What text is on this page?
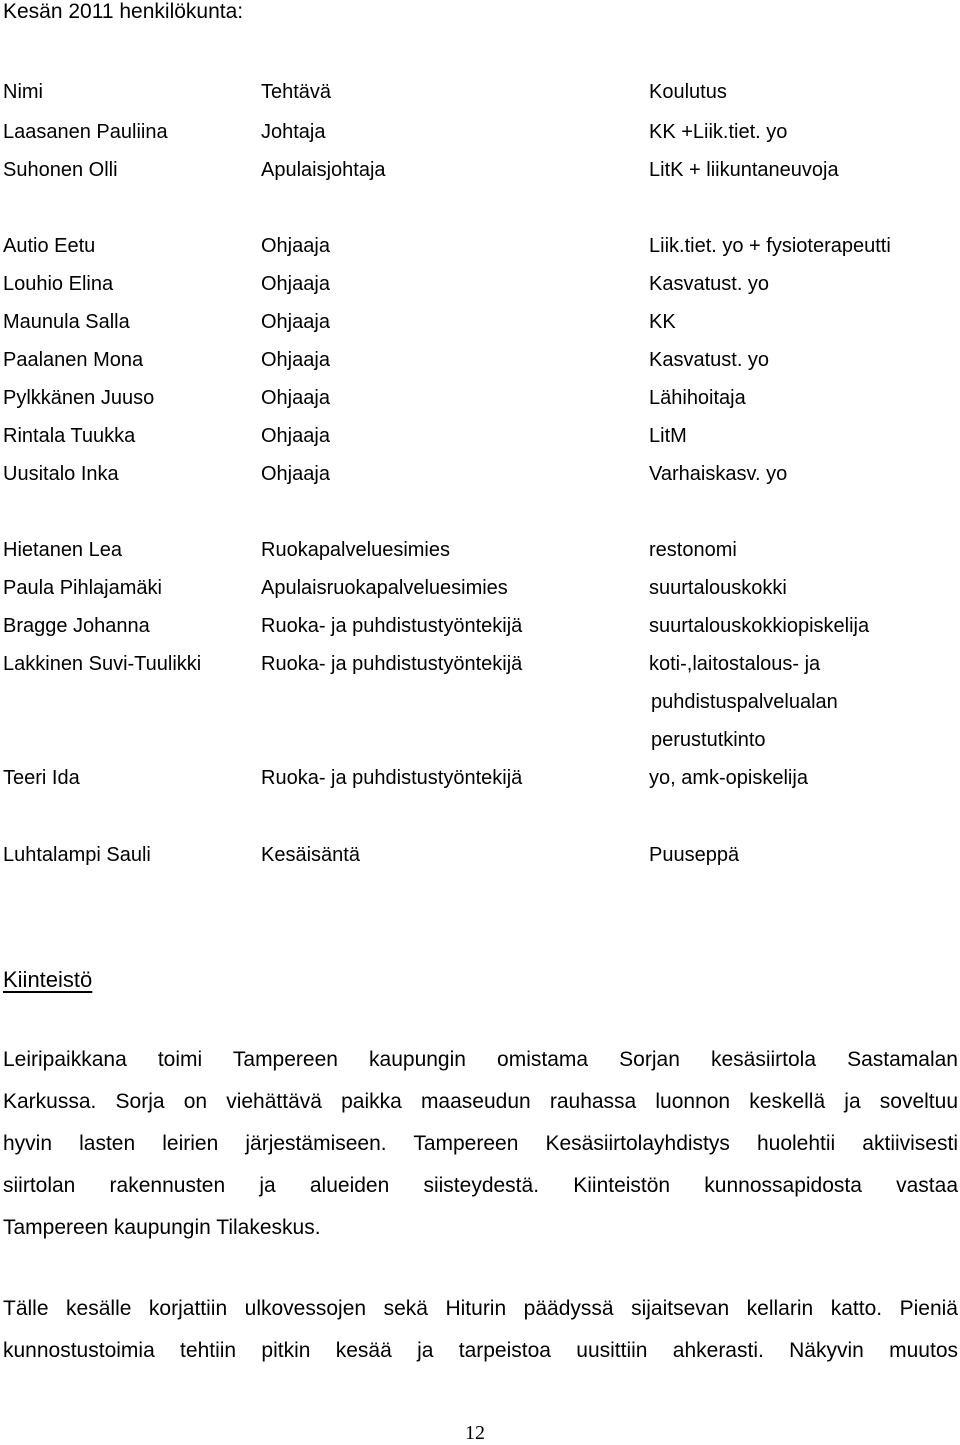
Kesän 2011 henkilökunta:
Nimi	Tehtävä	Koulutus
Laasanen Pauliina	Johtaja	KK +Liik.tiet. yo
Suhonen Olli	Apulaisjohtaja	LitK + liikuntaneuvoja
Autio Eetu	Ohjaaja	Liik.tiet. yo + fysioterapeutti
Louhio Elina	Ohjaaja	Kasvatust. yo
Maunula Salla	Ohjaaja	KK
Paalanen Mona	Ohjaaja	Kasvatust. yo
Pylkkänen Juuso	Ohjaaja	Lähihoitaja
Rintala Tuukka	Ohjaaja	LitM
Uusitalo Inka	Ohjaaja	Varhaiskasv. yo
Hietanen Lea	Ruokapalveluesimies	restonomi
Paula Pihlajamäki	Apulaisruokapalveluesimies	suurtalouskokki
Bragge Johanna	Ruoka- ja puhdistustyöntekijä	suurtalouskokkiopiskelija
Lakkinen Suvi-Tuulikki	Ruoka- ja puhdistustyöntekijä	koti-,laitostalous- ja
puhdistuspalvelualan
perustutkinto
Teeri Ida	Ruoka- ja puhdistustyöntekijä	yo, amk-opiskelija
Luhtalampi Sauli	Kesäisäntä	Puuseppä
Kiinteistö
Leiripaikkana toimi Tampereen kaupungin omistama Sorjan kesäsiirtola Sastamalan
Karkussa. Sorja on viehättävä paikka maaseudun rauhassa luonnon keskellä ja soveltuu
hyvin lasten leirien järjestämiseen. Tampereen Kesäsiirtolayhdistys huolehtii aktiivisesti
siirtolan rakennusten ja alueiden siisteydestä. Kiinteistön kunnossapidosta vastaa
Tampereen kaupungin Tilakeskus.
Tälle kesälle korjattiin ulkovessojen sekä Hiturin päädyssä sijaitsevan kellarin katto. Pieniä
kunnostustoimia tehtiin pitkin kesää ja tarpeistoa uusittiin ahkerasti. Näkyvin muutos
12
